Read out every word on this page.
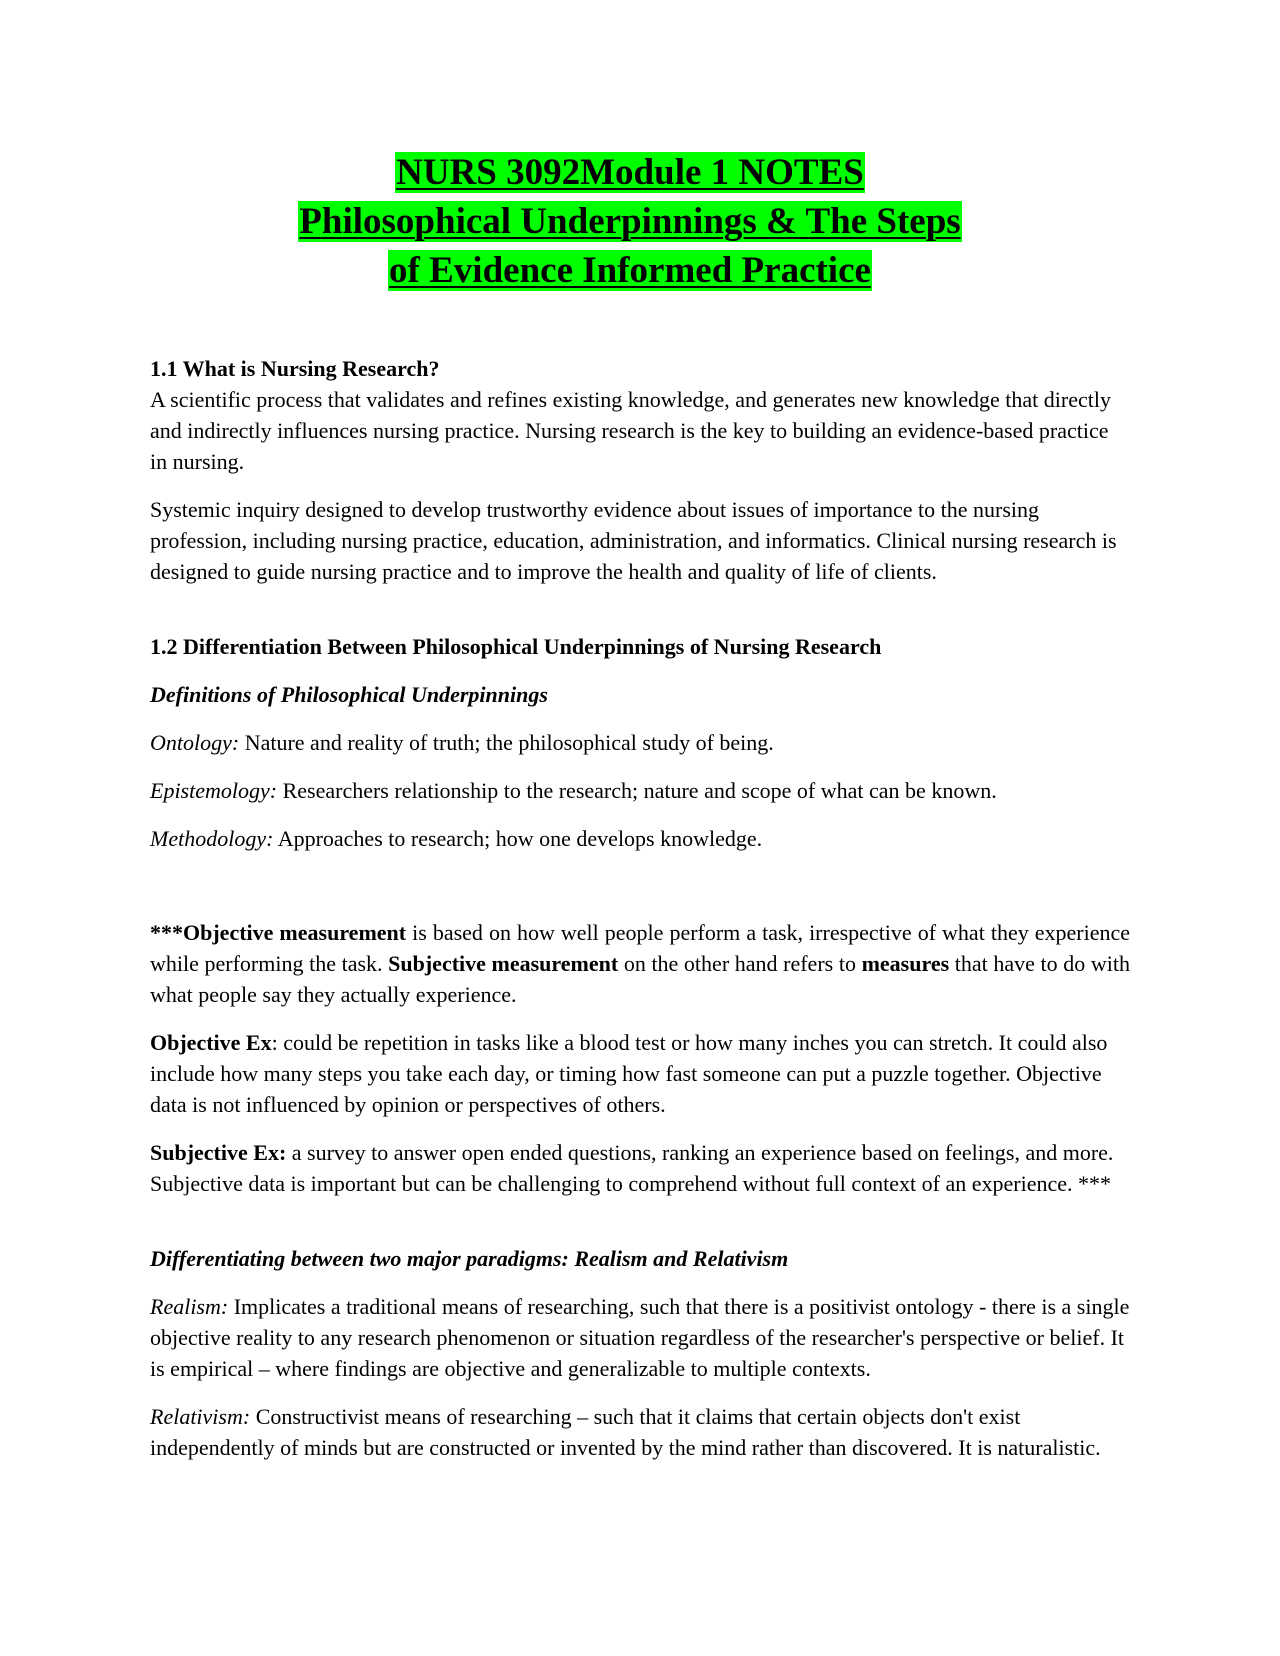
NURS 3092Module 1 NOTES
Philosophical Underpinnings & The Steps
of Evidence Informed Practice
1.1 What is Nursing Research?

A scientific process that validates and refines existing knowledge, and generates new knowledge that directly and indirectly influences nursing practice. Nursing research is the key to building an evidence-based practice in nursing.

Systemic inquiry designed to develop trustworthy evidence about issues of importance to the nursing profession, including nursing practice, education, administration, and informatics. Clinical nursing research is designed to guide nursing practice and to improve the health and quality of life of clients.

1.2 Differentiation Between Philosophical Underpinnings of Nursing Research

Definitions of Philosophical Underpinnings

Ontology: Nature and reality of truth; the philosophical study of being.

Epistemology: Researchers relationship to the research; nature and scope of what can be known.

Methodology: Approaches to research; how one develops knowledge.

***Objective measurement is based on how well people perform a task, irrespective of what they experience while performing the task. Subjective measurement on the other hand refers to measures that have to do with what people say they actually experience.

Objective Ex: could be repetition in tasks like a blood test or how many inches you can stretch. It could also include how many steps you take each day, or timing how fast someone can put a puzzle together. Objective data is not influenced by opinion or perspectives of others.

Subjective Ex: a survey to answer open ended questions, ranking an experience based on feelings, and more. Subjective data is important but can be challenging to comprehend without full context of an experience. ***

Differentiating between two major paradigms: Realism and Relativism

Realism: Implicates a traditional means of researching, such that there is a positivist ontology - there is a single objective reality to any research phenomenon or situation regardless of the researcher's perspective or belief. It is empirical – where findings are objective and generalizable to multiple contexts.

Relativism: Constructivist means of researching – such that it claims that certain objects don't exist independently of minds but are constructed or invented by the mind rather than discovered. It is naturalistic.
